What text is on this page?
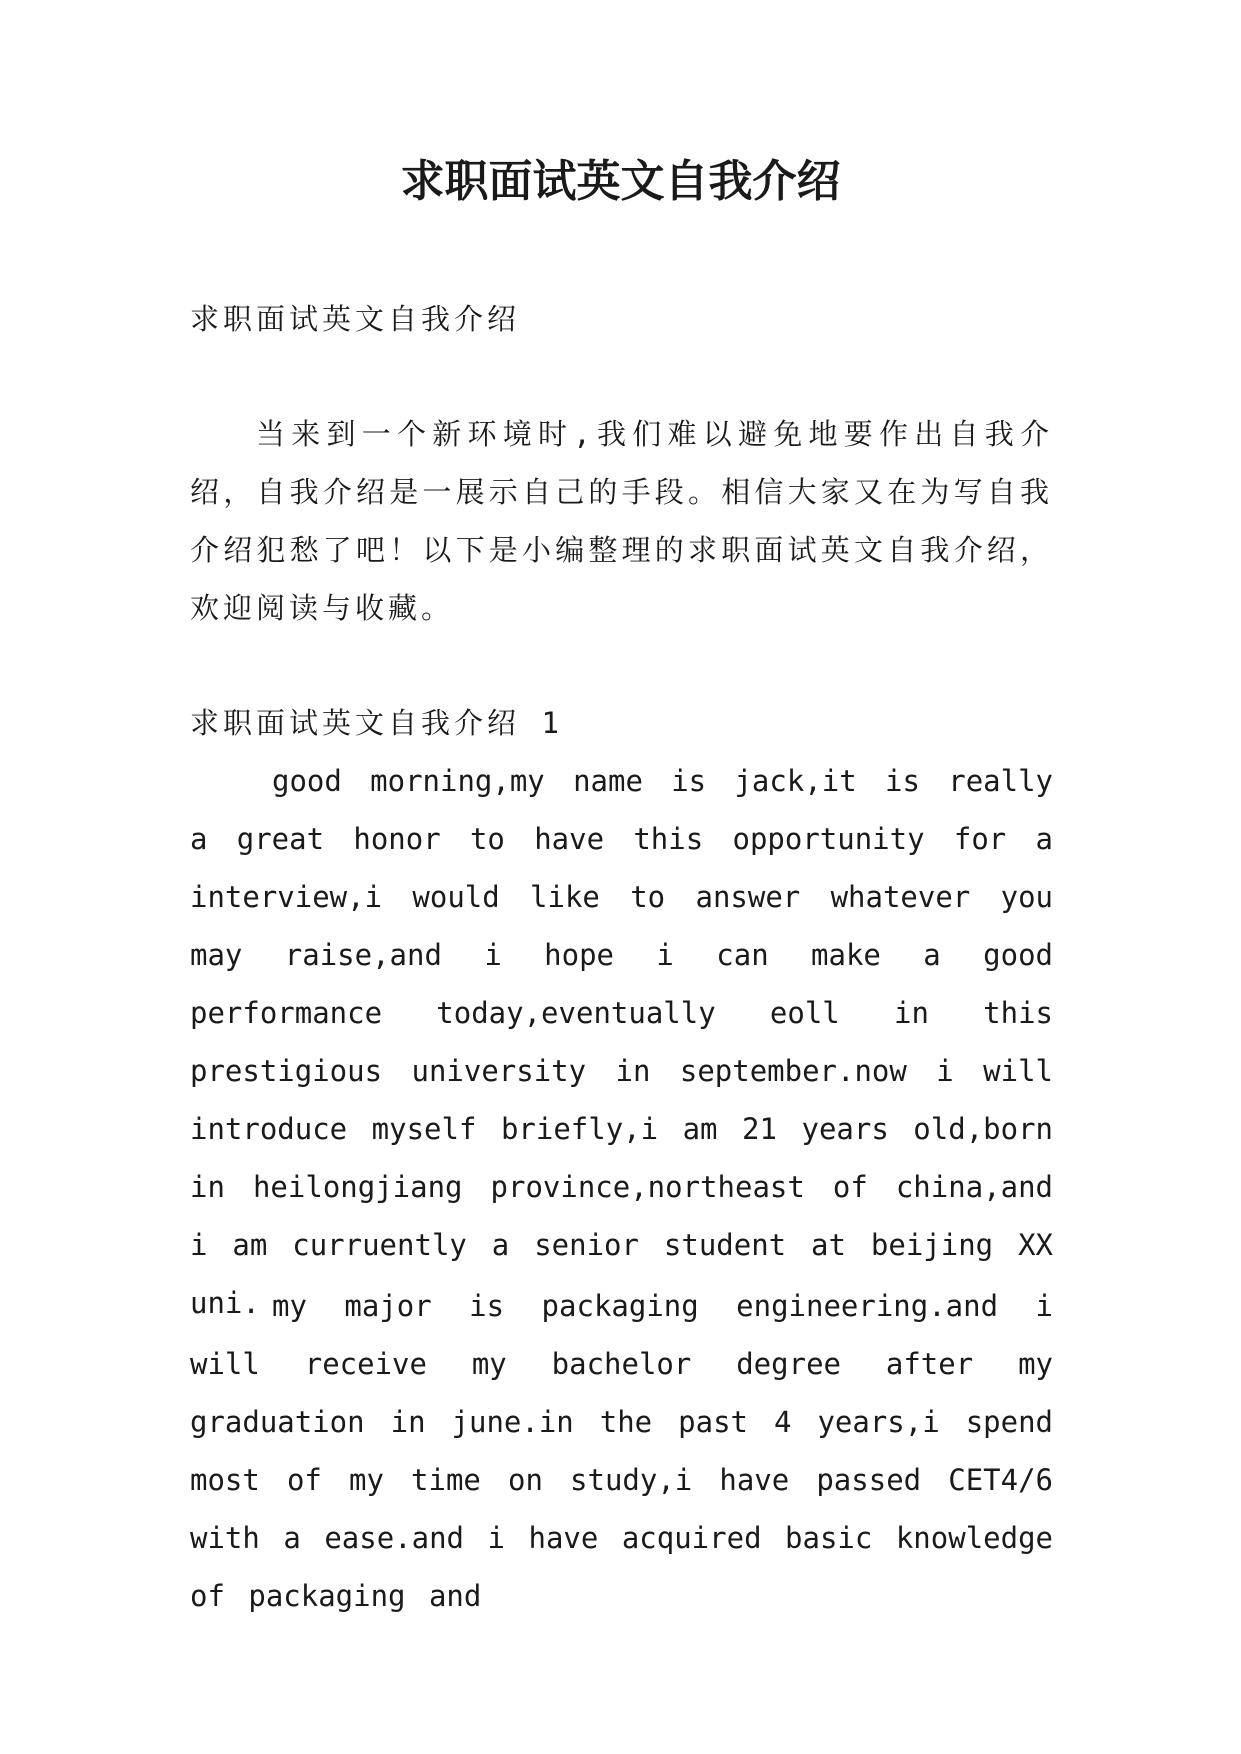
求职面试英文自我介绍

求职面试英文自我介绍

当来到一个新环境时,我们难以避免地要作出自我介绍，自我介绍是一展示自己的手段。相信大家又在为写自我介绍犯愁了吧！以下是小编整理的求职面试英文自我介绍，欢迎阅读与收藏。

求职面试英文自我介绍 1

good morning,my name is jack,it is really a great honor to have this opportunity for a interview,i would like to answer whatever you may raise,and i hope i can make a good performance today,eventually eoll in this prestigious university in september.now i will introduce myself briefly,i am 21 years old,born in heilongjiang province,northeast of china,and i am curruently a senior student at beijing XX uni. my major is packaging engineering.and i will receive my bachelor degree after my graduation in june.in the past 4 years,i spend most of my time on study,i have passed CET4/6 with a ease.and i have acquired basic knowledge of packaging and
